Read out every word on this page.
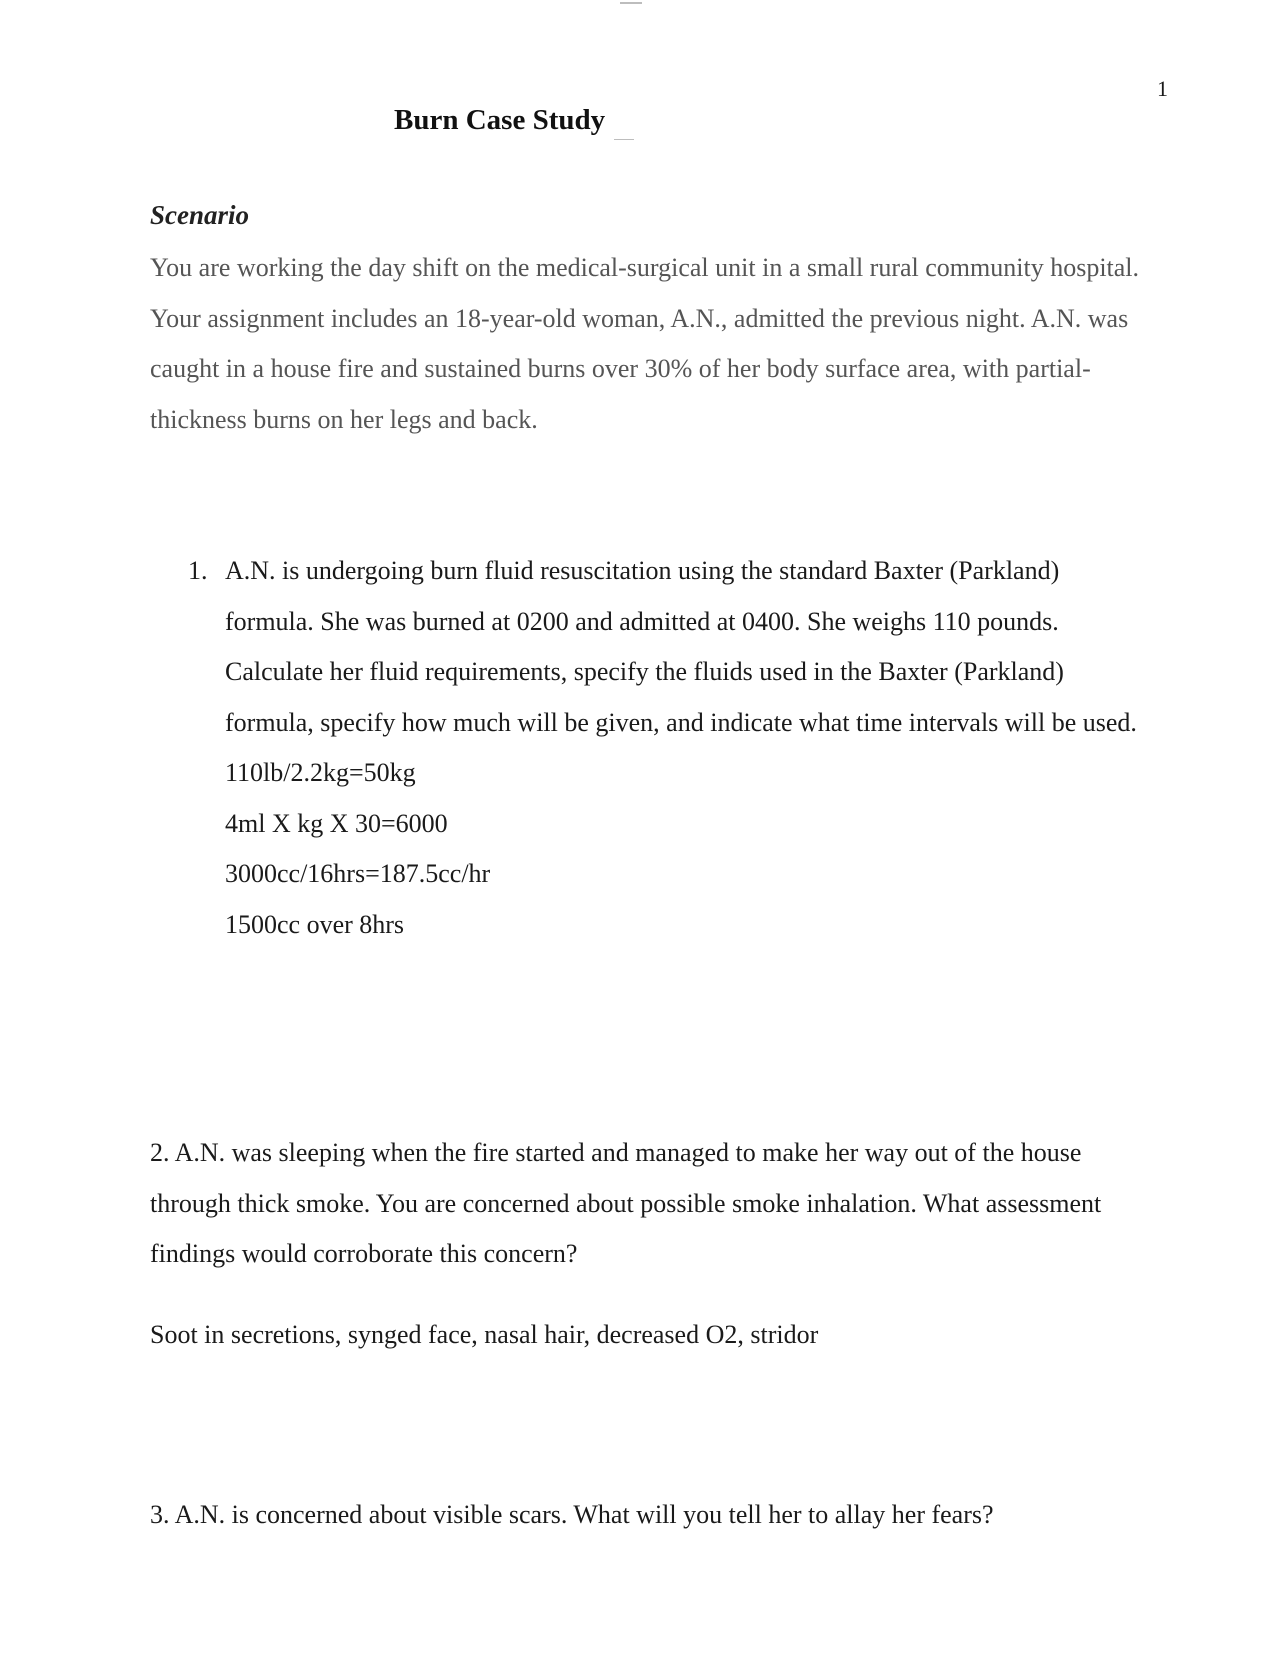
1
Burn Case Study
Scenario

You are working the day shift on the medical-surgical unit in a small rural community hospital. Your assignment includes an 18-year-old woman, A.N., admitted the previous night. A.N. was caught in a house fire and sustained burns over 30% of her body surface area, with partial-thickness burns on her legs and back.

1. A.N. is undergoing burn fluid resuscitation using the standard Baxter (Parkland) formula. She was burned at 0200 and admitted at 0400. She weighs 110 pounds. Calculate her fluid requirements, specify the fluids used in the Baxter (Parkland) formula, specify how much will be given, and indicate what time intervals will be used.

110lb/2.2kg=50kg
4ml X kg X 30=6000
3000cc/16hrs=187.5cc/hr
1500cc over 8hrs

2. A.N. was sleeping when the fire started and managed to make her way out of the house through thick smoke. You are concerned about possible smoke inhalation. What assessment findings would corroborate this concern?

Soot in secretions, synged face, nasal hair, decreased O2, stridor

3. A.N. is concerned about visible scars. What will you tell her to allay her fears?
